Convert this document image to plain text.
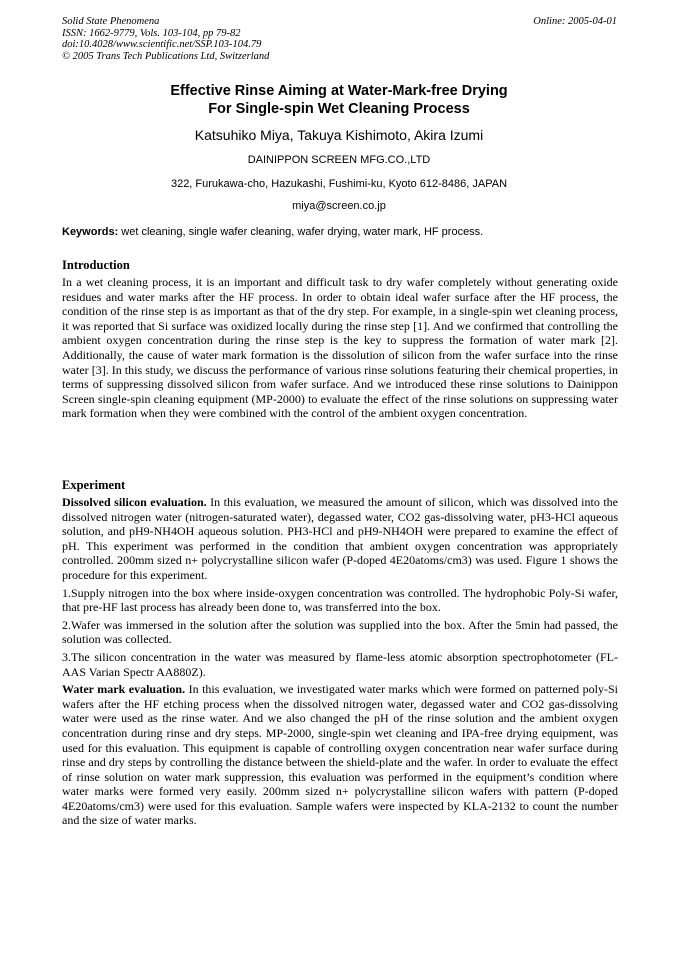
Solid State Phenomena
ISSN: 1662-9779, Vols. 103-104, pp 79-82
doi:10.4028/www.scientific.net/SSP.103-104.79
© 2005 Trans Tech Publications Ltd, Switzerland
Online: 2005-04-01
Effective Rinse Aiming at Water-Mark-free Drying
For Single-spin Wet Cleaning Process
Katsuhiko Miya, Takuya Kishimoto, Akira Izumi
DAINIPPON SCREEN MFG.CO.,LTD
322, Furukawa-cho, Hazukashi, Fushimi-ku, Kyoto 612-8486, JAPAN
miya@screen.co.jp
Keywords: wet cleaning, single wafer cleaning, wafer drying, water mark, HF process.
Introduction

In a wet cleaning process, it is an important and difficult task to dry wafer completely without generating oxide residues and water marks after the HF process. In order to obtain ideal wafer surface after the HF process, the condition of the rinse step is as important as that of the dry step. For example, in a single-spin wet cleaning process, it was reported that Si surface was oxidized locally during the rinse step [1]. And we confirmed that controlling the ambient oxygen concentration during the rinse step is the key to suppress the formation of water mark [2]. Additionally, the cause of water mark formation is the dissolution of silicon from the wafer surface into the rinse water [3]. In this study, we discuss the performance of various rinse solutions featuring their chemical properties, in terms of suppressing dissolved silicon from wafer surface. And we introduced these rinse solutions to Dainippon Screen single-spin cleaning equipment (MP-2000) to evaluate the effect of the rinse solutions on suppressing water mark formation when they were combined with the control of the ambient oxygen concentration.

Experiment

Dissolved silicon evaluation. In this evaluation, we measured the amount of silicon, which was dissolved into the dissolved nitrogen water (nitrogen-saturated water), degassed water, CO2 gas-dissolving water, pH3-HCl aqueous solution, and pH9-NH4OH aqueous solution. PH3-HCl and pH9-NH4OH were prepared to examine the effect of pH. This experiment was performed in the condition that ambient oxygen concentration was appropriately controlled. 200mm sized n+ polycrystalline silicon wafer (P-doped 4E20atoms/cm3) was used. Figure 1 shows the procedure for this experiment.

1.Supply nitrogen into the box where inside-oxygen concentration was controlled. The hydrophobic Poly-Si wafer, that pre-HF last process has already been done to, was transferred into the box.

2.Wafer was immersed in the solution after the solution was supplied into the box. After the 5min had passed, the solution was collected.

3.The silicon concentration in the water was measured by flame-less atomic absorption spectrophotometer (FL-AAS Varian Spectr AA880Z).

Water mark evaluation. In this evaluation, we investigated water marks which were formed on patterned poly-Si wafers after the HF etching process when the dissolved nitrogen water, degassed water and CO2 gas-dissolving water were used as the rinse water. And we also changed the pH of the rinse solution and the ambient oxygen concentration during rinse and dry steps. MP-2000, single-spin wet cleaning and IPA-free drying equipment, was used for this evaluation. This equipment is capable of controlling oxygen concentration near wafer surface during rinse and dry steps by controlling the distance between the shield-plate and the wafer. In order to evaluate the effect of rinse solution on water mark suppression, this evaluation was performed in the equipment’s condition where water marks were formed very easily. 200mm sized n+ polycrystalline silicon wafers with pattern (P-doped 4E20atoms/cm3) were used for this evaluation. Sample wafers were inspected by KLA-2132 to count the number and the size of water marks.
